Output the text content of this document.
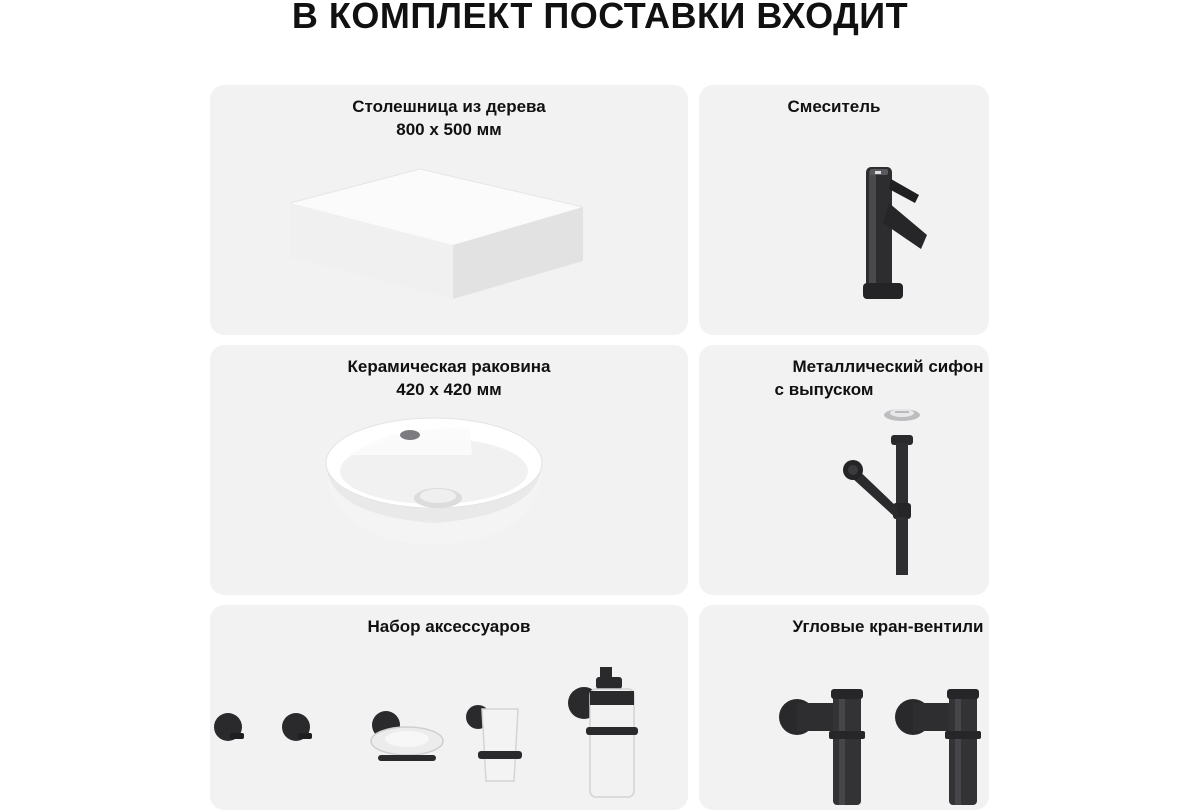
В КОМПЛЕКТ ПОСТАВКИ ВХОДИТ
Столешница из дерева
800 х 500 мм
Смеситель
Керамическая раковина
420 х 420 мм
Металлический сифон
с выпуском
Набор аксессуаров	Угловые кран-вентили
